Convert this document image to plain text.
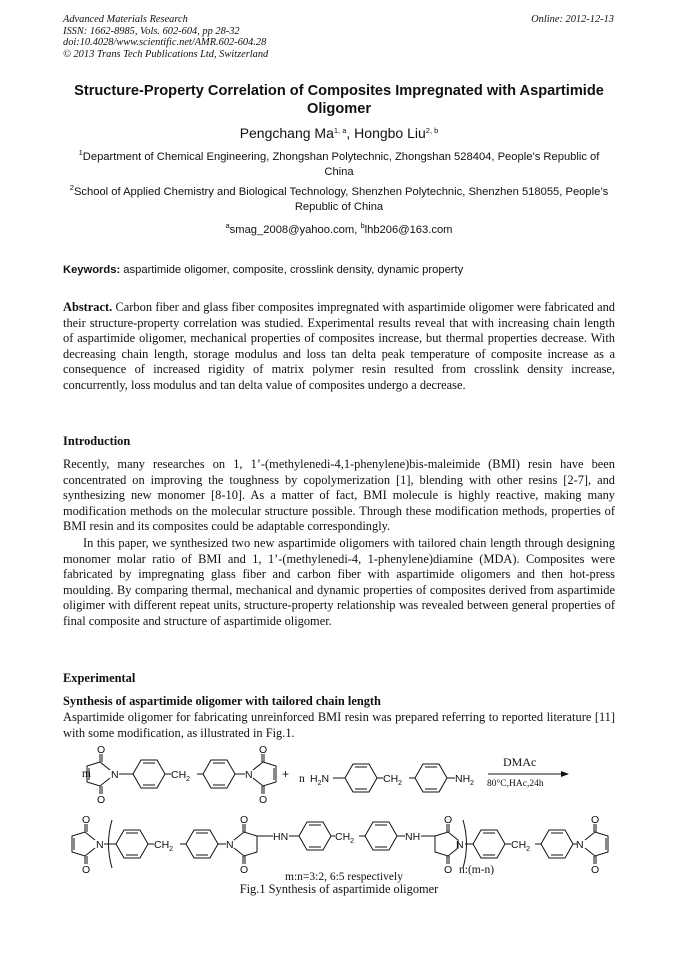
Advanced Materials Research
ISSN: 1662-8985, Vols. 602-604, pp 28-32
doi:10.4028/www.scientific.net/AMR.602-604.28
© 2013 Trans Tech Publications Ltd, Switzerland
Online: 2012-12-13
Structure-Property Correlation of Composites Impregnated with Aspartimide Oligomer
Pengchang Ma$^{1, a}$, Hongbo Liu$^{2, b}$
$^1$Department of Chemical Engineering, Zhongshan Polytechnic, Zhongshan 528404, People’s Republic of China
$^2$School of Applied Chemistry and Biological Technology, Shenzhen Polytechnic, Shenzhen 518055, People’s Republic of China
$^a$smag_2008@yahoo.com, $^b$lhb206@163.com
Keywords: aspartimide oligomer, composite, crosslink density, dynamic property
Abstract. Carbon fiber and glass fiber composites impregnated with aspartimide oligomer were fabricated and their structure-property correlation was studied. Experimental results reveal that with increasing chain length of aspartimide oligomer, mechanical properties of composites increase, but thermal properties decrease. With decreasing chain length, storage modulus and loss tan delta peak temperature of composite increase as a consequence of increased rigidity of matrix polymer resin resulted from crosslink density increase, concurrently, loss modulus and tan delta value of composites undergo a decrease.
Introduction
Recently, many researches on 1, 1’-(methylenedi-4,1-phenylene)bis-maleimide (BMI) resin have been concentrated on improving the toughness by copolymerization [1], blending with other resins [2-7], and synthesizing new monomer [8-10]. As a matter of fact, BMI molecule is highly reactive, making many modification methods on the molecular structure possible. Through these modification methods, properties of BMI resin and its composites could be adaptable correspondingly.
In this paper, we synthesized two new aspartimide oligomers with tailored chain length through designing monomer molar ratio of BMI and 1, 1’-(methylenedi-4, 1-phenylene)diamine (MDA). Composites were fabricated by impregnating glass fiber and carbon fiber with aspartimide oligomers and then hot-press moulding. By comparing thermal, mechanical and dynamic properties of composites derived from aspartimide oligimer with different repeat units, structure-property relationship was revealed between general properties of final composite and structure of aspartimide oligomer.
Experimental
Synthesis of aspartimide oligomer with tailored chain length
Aspartimide oligomer for fabricating unreinforced BMI resin was prepared referring to reported literature [11] with some modification, as illustrated in Fig.1.
m
O
O
N	$CH_2$	N
O
O
+ n $H_2N$	$CH_2$	$NH_2$
DMAc
80°C,HAc,24h
O
O
N	$CH_2$	N
O
O
HN	$CH_2$	NH
O
O
N	$CH_2$	N
O
O
n:(m-n)
m:n=3:2, 6:5 respectively
Fig.1 Synthesis of aspartimide oligomer
